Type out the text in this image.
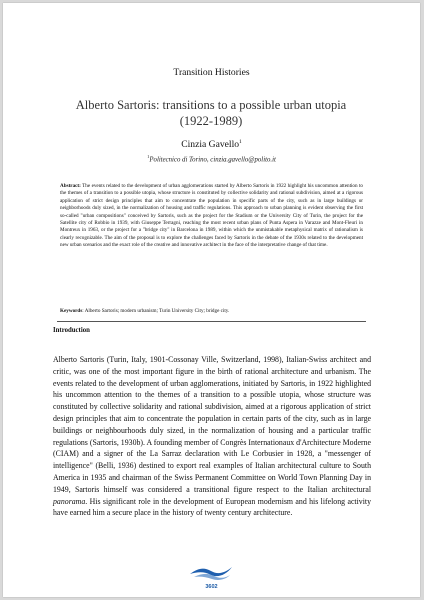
Transition Histories
Alberto Sartoris: transitions to a possible urban utopia
(1922-1989)
Cinzia Gavello$^1$
$^1$Politecnico di Torino, cinzia.gavello@polito.it
Abstract: The events related to the development of urban agglomerations started by Alberto Sartoris in 1922 highlight his uncommon attention to the themes of a transition to a possible utopia, whose structure is constituted by collective solidarity and rational subdivision, aimed at a rigorous application of strict design principles that aim to concentrate the population in specific parts of the city, such as in large buildings or neighborhoods duly sized, in the normalization of housing and traffic regulations. This approach to urban planning is evident observing the first so-called "urban compositions" conceived by Sartoris, such as the project for the Stadium or the University City of Turin, the project for the Satellite city of Robbio in 1939, with Giuseppe Terragni, reaching the most recent urban plans of Punta Aspera in Varazze and Mont-Fleuri in Montreux in 1963, or the project for a "bridge city" in Barcelona in 1989, within which the unmistakable metaphysical matrix of rationalism is clearly recognizable. The aim of the proposal is to explore the challenges faced by Sartoris in the debate of the 1930s related to the development new urban scenarios and the exact role of the creative and innovative architect in the face of the interpretative change of that time.
Keywords: Alberto Sartoris; modern urbanism; Turin University City; bridge city.
Introduction
Alberto Sartoris (Turin, Italy, 1901-Cossonay Ville, Switzerland, 1998), Italian-Swiss architect and critic, was one of the most important figure in the birth of rational architecture and urbanism. The events related to the development of urban agglomerations, initiated by Sartoris, in 1922 highlighted his uncommon attention to the themes of a transition to a possible utopia, whose structure was constituted by collective solidarity and rational subdivision, aimed at a rigorous application of strict design principles that aim to concentrate the population in certain parts of the city, such as in large buildings or neighbourhoods duly sized, in the normalization of housing and a particular traffic regulations (Sartoris, 1930b). A founding member of Congrès Internationaux d'Architecture Moderne (CIAM) and a signer of the La Sarraz declaration with Le Corbusier in 1928, a "messenger of intelligence" (Belli, 1936) destined to export real examples of Italian architectural culture to South America in 1935 and chairman of the Swiss Permanent Committee on World Town Planning Day in 1949, Sartoris himself was considered a transitional figure respect to the Italian architectural panorama. His significant role in the development of European modernism and his lifelong activity have earned him a secure place in the history of twenty century architecture.
3602
